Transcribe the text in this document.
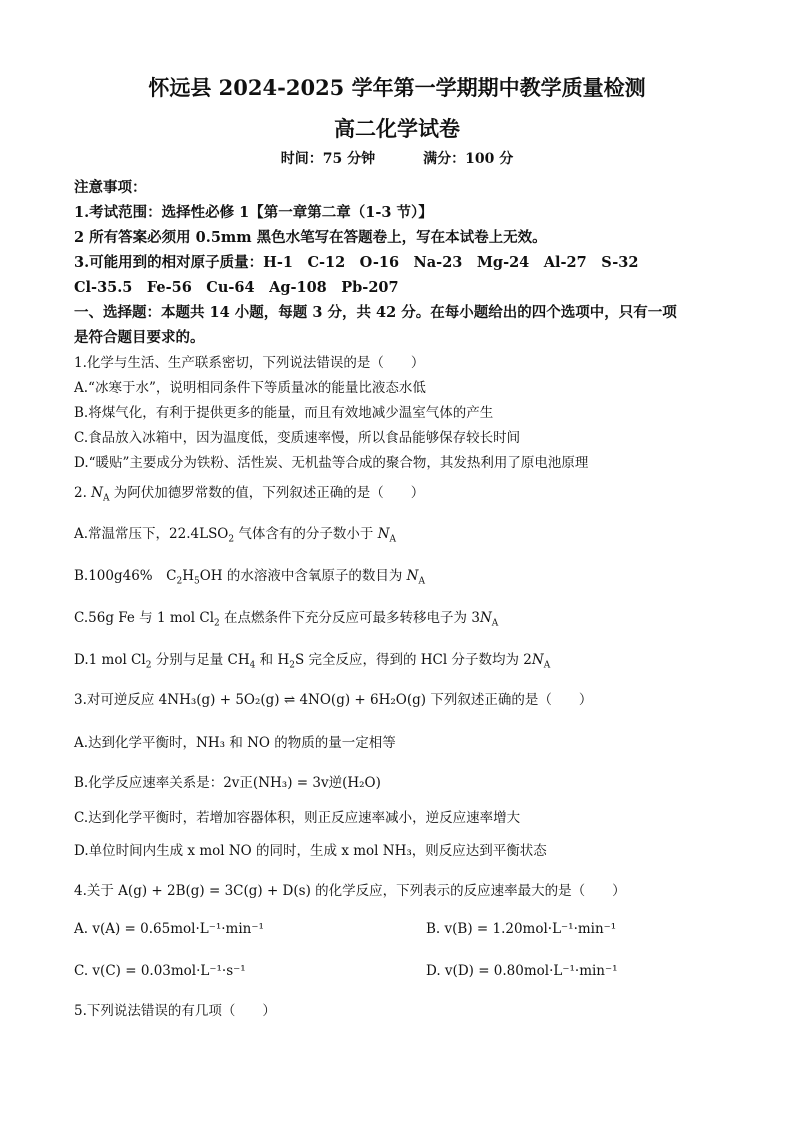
怀远县 2024-2025 学年第一学期期中教学质量检测
高二化学试卷
时间：75 分钟	满分：100 分
注意事项：
1.考试范围：选择性必修 1【第一章第二章（1-3 节）】
2 所有答案必须用 0.5mm 黑色水笔写在答题卷上，写在本试卷上无效。
3.可能用到的相对原子质量：H-1　C-12　O-16　Na-23　Mg-24　Al-27　S-32
Cl-35.5　Fe-56　Cu-64　Ag-108　Pb-207
一、选择题：本题共 14 小题，每题 3 分，共 42 分。在每小题给出的四个选项中，只有一项
是符合题目要求的。
1.化学与生活、生产联系密切，下列说法错误的是（　　）
A.“冰寒于水”，说明相同条件下等质量冰的能量比液态水低
B.将煤气化，有利于提供更多的能量，而且有效地减少温室气体的产生
C.食品放入冰箱中，因为温度低，变质速率慢，所以食品能够保存较长时间
D.“暖贴”主要成分为铁粉、活性炭、无机盐等合成的聚合物，其发热利用了原电池原理
2. $N_A$ 为阿伏加德罗常数的值，下列叙述正确的是（　　）
A.常温常压下，$22.4LSO_2$ 气体含有的分子数小于 $N_A$
B.100g46%　$C_2H_5OH$ 的水溶液中含氧原子的数目为 $N_A$
C.56g Fe 与 1 mol $Cl_2$ 在点燃条件下充分反应可最多转移电子为 $3N_A$
D.1 mol $Cl_2$ 分别与足量 $CH_4$ 和 $H_2S$ 完全反应，得到的 HCl 分子数均为 $2N_A$
3.对可逆反应 4NH₃(g) + 5O₂(g) ⇌ 4NO(g) + 6H₂O(g) 下列叙述正确的是（　　）
A.达到化学平衡时，NH₃ 和 NO 的物质的量一定相等
B.化学反应速率关系是：2v正(NH₃) = 3v逆(H₂O)
C.达到化学平衡时，若增加容器体积，则正反应速率减小，逆反应速率增大
D.单位时间内生成 x mol NO 的同时，生成 x mol NH₃，则反应达到平衡状态
4.关于 A(g) + 2B(g) = 3C(g) + D(s) 的化学反应，下列表示的反应速率最大的是（　　）
A. v(A) = 0.65mol·L⁻¹·min⁻¹	B. v(B) = 1.20mol·L⁻¹·min⁻¹
C. v(C) = 0.03mol·L⁻¹·s⁻¹	D. v(D) = 0.80mol·L⁻¹·min⁻¹
5.下列说法错误的有几项（　　）
